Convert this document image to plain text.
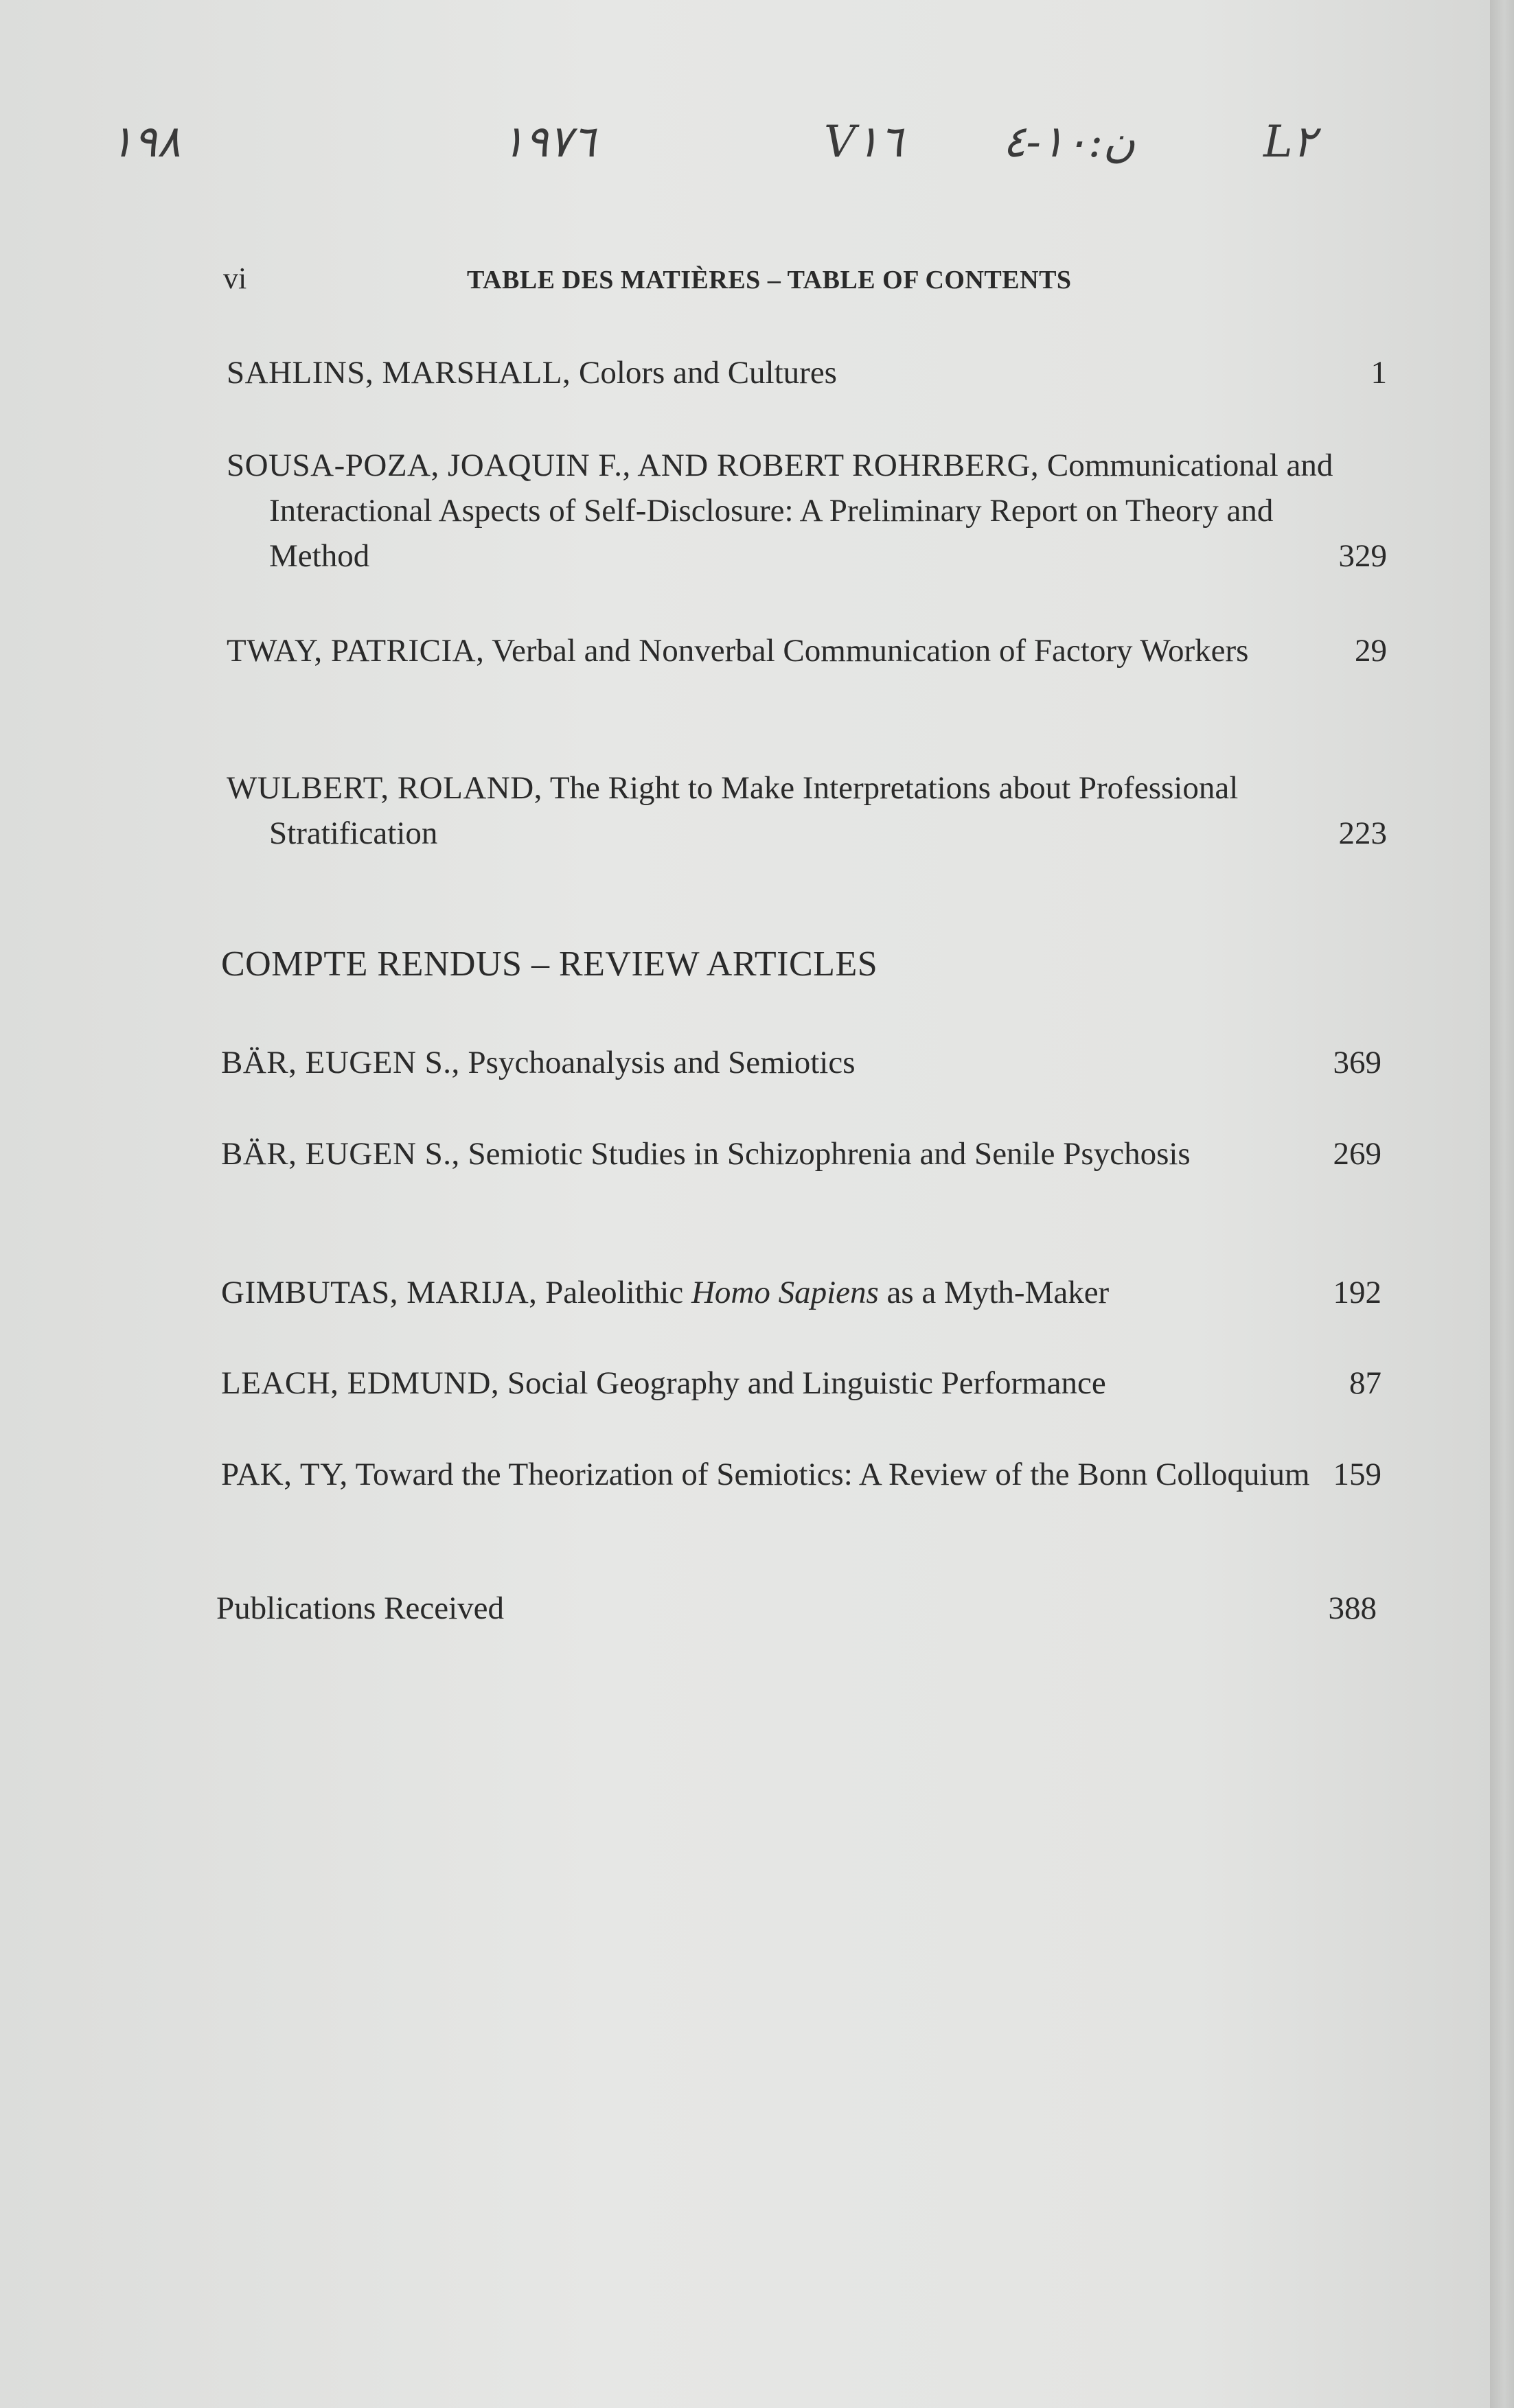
١٩٨	١٩٧٦	V١٦ ن:١٠-٤	L٢
vi	TABLE DES MATIÈRES – TABLE OF CONTENTS
SAHLINS, MARSHALL, Colors and Cultures	1
SOUSA-POZA, JOAQUIN F., AND ROBERT ROHRBERG, Communicational and Interactional Aspects of Self-Disclosure: A Preliminary Report on Theory and Method	329
TWAY, PATRICIA, Verbal and Nonverbal Communication of Factory Workers	29
WULBERT, ROLAND, The Right to Make Interpretations about Professional Stratification	223
COMPTE RENDUS – REVIEW ARTICLES
BÄR, EUGEN S., Psychoanalysis and Semiotics	369
BÄR, EUGEN S., Semiotic Studies in Schizophrenia and Senile Psychosis	269
GIMBUTAS, MARIJA, Paleolithic Homo Sapiens as a Myth-Maker	192
LEACH, EDMUND, Social Geography and Linguistic Performance	87
PAK, TY, Toward the Theorization of Semiotics: A Review of the Bonn Colloquium 159
Publications Received	388
